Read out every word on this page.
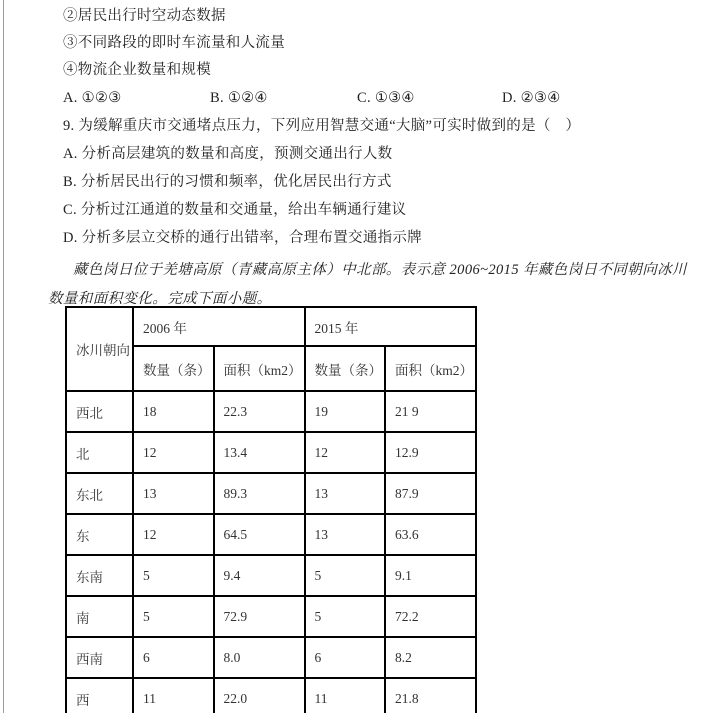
②居民出行时空动态数据
③不同路段的即时车流量和人流量
④物流企业数量和规模
A. ①②③	B. ①②④	C. ①③④	D. ②③④
9. 为缓解重庆市交通堵点压力，下列应用智慧交通“大脑”可实时做到的是（　）
A. 分析高层建筑的数量和高度，预测交通出行人数
B. 分析居民出行的习惯和频率，优化居民出行方式
C. 分析过江通道的数量和交通量，给出车辆通行建议
D. 分析多层立交桥的通行出错率，合理布置交通指示牌
藏色岗日位于羌塘高原（青藏高原主体）中北部。表示意 2006~2015 年藏色岗日不同朝向冰川数量和面积变化。完成下面小题。
冰川朝向	2006 年		2015 年	
	数量（条）	面积（km2）	数量（条）	面积（km2）
西北	18	22.3	19	21 9
北	12	13.4	12	12.9
东北	13	89.3	13	87.9
东	12	64.5	13	63.6
东南	5	9.4	5	9.1
南	5	72.9	5	72.2
西南	6	8.0	6	8.2
西	11	22.0	11	21.8
